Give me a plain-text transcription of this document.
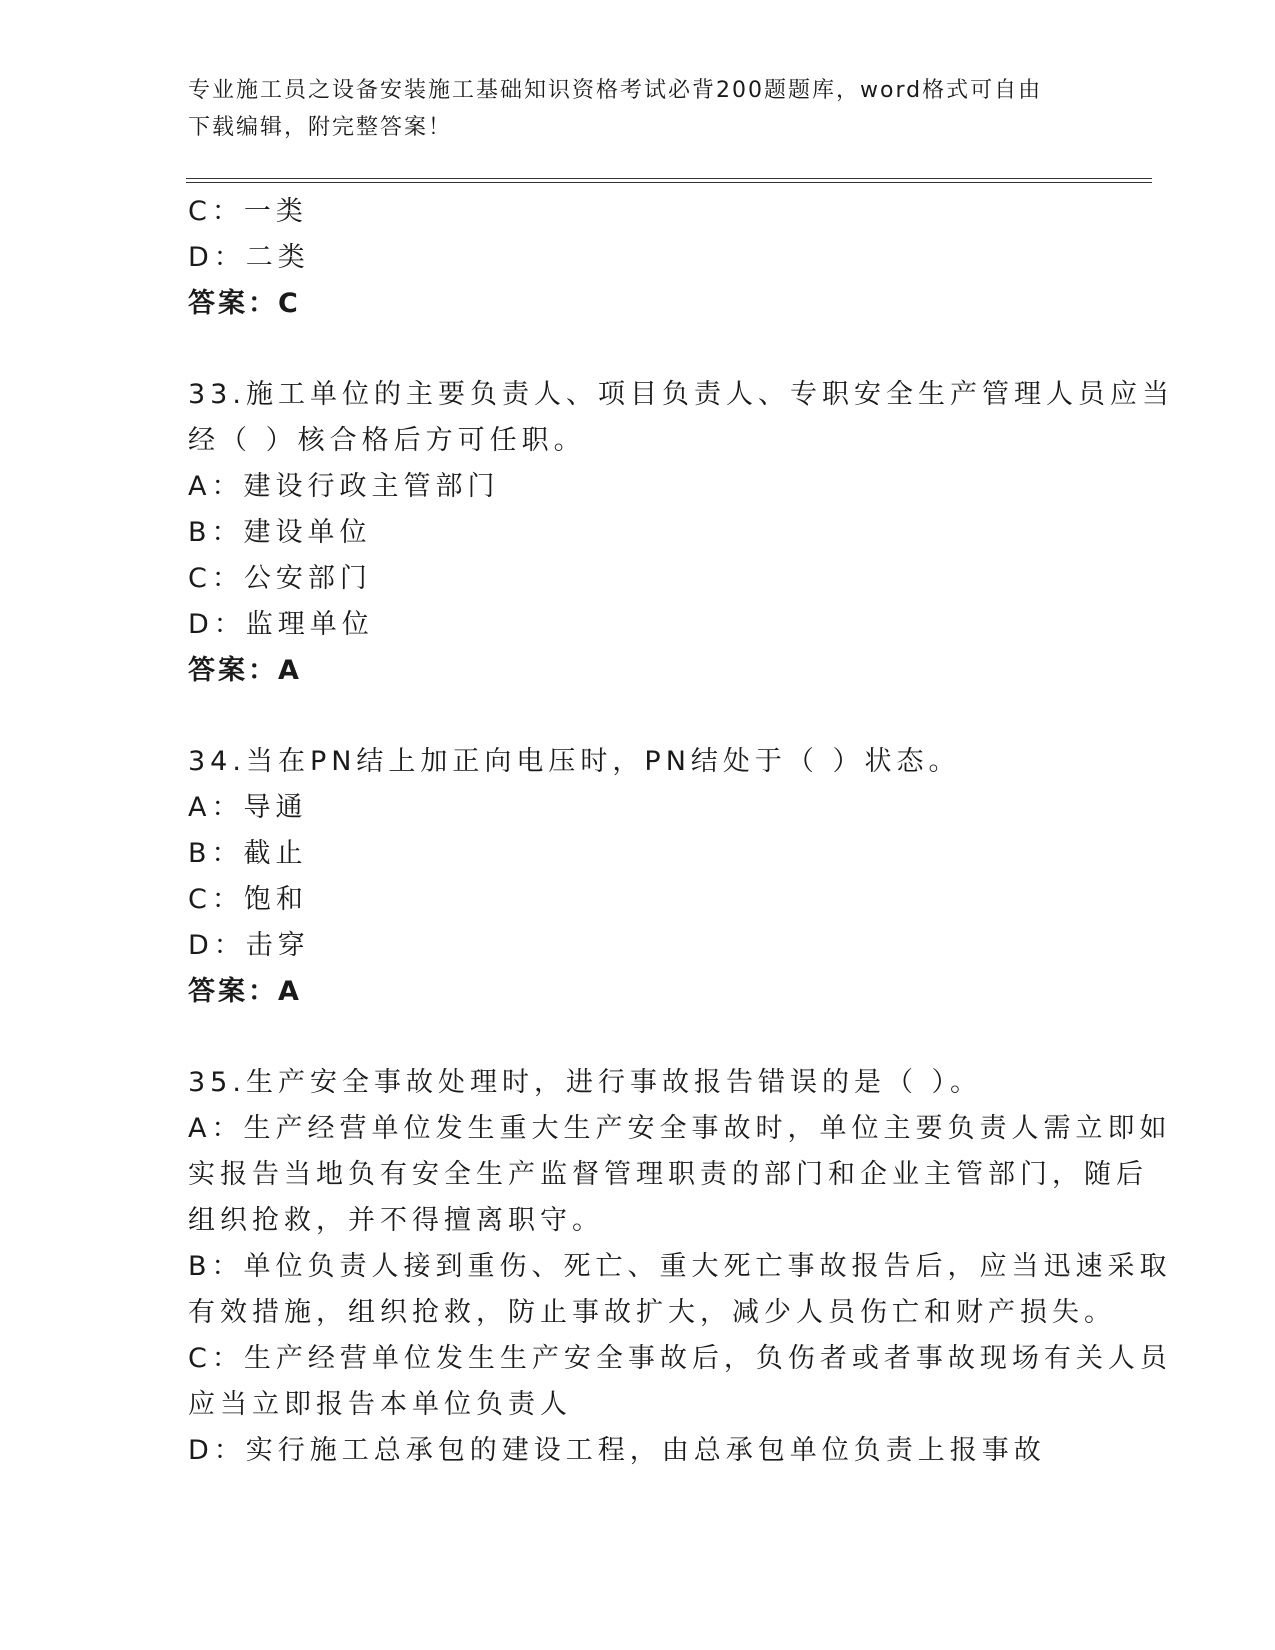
专业施工员之设备安装施工基础知识资格考试必背200题题库，word格式可自由
下载编辑，附完整答案！
C：一类
D：二类
答案：C
33.施工单位的主要负责人、项目负责人、专职安全生产管理人员应当
经（ ）核合格后方可任职。
A：建设行政主管部门
B：建设单位
C：公安部门
D：监理单位
答案：A
34.当在PN结上加正向电压时，PN结处于（ ）状态。
A：导通
B：截止
C：饱和
D：击穿
答案：A
35.生产安全事故处理时，进行事故报告错误的是（ ）。
A：生产经营单位发生重大生产安全事故时，单位主要负责人需立即如
实报告当地负有安全生产监督管理职责的部门和企业主管部门，随后
组织抢救，并不得擅离职守。
B：单位负责人接到重伤、死亡、重大死亡事故报告后，应当迅速采取
有效措施，组织抢救，防止事故扩大，减少人员伤亡和财产损失。
C：生产经营单位发生生产安全事故后，负伤者或者事故现场有关人员
应当立即报告本单位负责人
D：实行施工总承包的建设工程，由总承包单位负责上报事故
